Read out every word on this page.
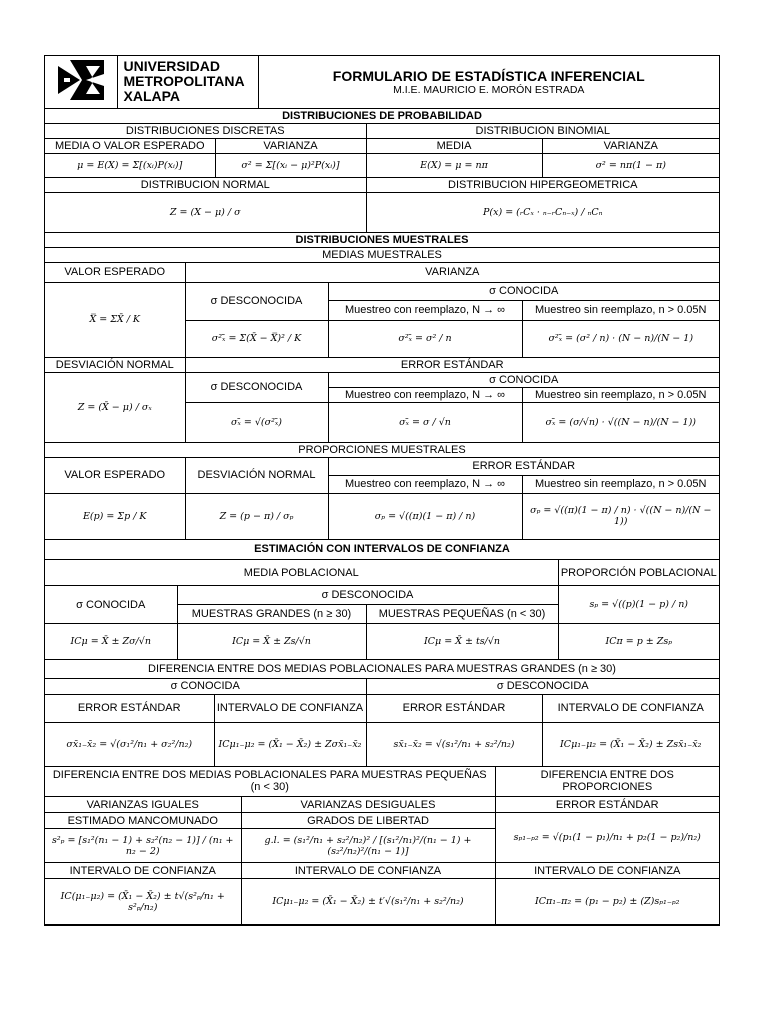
UNIVERSIDAD
METROPOLITANA
XALAPA

FORMULARIO DE ESTADÍSTICA INFERENCIAL
M.I.E. MAURICIO E. MORÓN ESTRADA
DISTRIBUCIONES DE PROBABILIDAD			
DISTRIBUCIONES DISCRETAS		DISTRIBUCION BINOMIAL	
MEDIA O VALOR ESPERADO	VARIANZA	MEDIA	VARIANZA
μ = E(X) = Σ[(xᵢ)P(xᵢ)]	σ² = Σ[(xᵢ − μ)²P(xᵢ)]	E(X) = μ = nπ	σ² = nπ(1 − π)
DISTRIBUCION NORMAL		DISTRIBUCION HIPERGEOMETRICA	
Z = (X − μ) / σ		P(x) = (ᵣCₓ · ₙ₋ᵣCₙ₋ₓ) / ₙCₙ	
DISTRIBUCIONES MUESTRALES			
MEDIAS MUESTRALES			
VALOR ESPERADO	VARIANZA		
X̿ = ΣX̄ / K	σ DESCONOCIDA	σ CONOCIDA	
		Muestreo con reemplazo, N → ∞	Muestreo sin reemplazo, n > 0.05N
	σ²ₓ̄ = Σ(X̄ − X̿)² / K	σ²ₓ̄ = σ² / n	σ²ₓ̄ = (σ² / n) · (N − n)/(N − 1)
DESVIACIÓN NORMAL	ERROR ESTÁNDAR		
Z = (X̄ − μ) / σₓ	σ DESCONOCIDA	σ CONOCIDA	
		Muestreo con reemplazo, N → ∞	Muestreo sin reemplazo, n > 0.05N
	σₓ̄ = √(σ²ₓ̄)	σₓ̄ = σ / √n	σₓ̄ = (σ/√n) · √((N − n)/(N − 1))
PROPORCIONES MUESTRALES			
VALOR ESPERADO	DESVIACIÓN NORMAL	ERROR ESTÁNDAR	
		Muestreo con reemplazo, N → ∞	Muestreo sin reemplazo, n > 0.05N
E(p) = Σp / K	Z = (p − π) / σₚ	σₚ = √((π)(1 − π) / n)	σₚ = √((π)(1 − π) / n) · √((N − n)/(N − 1))
ESTIMACIÓN CON INTERVALOS DE CONFIANZA			
MEDIA POBLACIONAL			PROPORCIÓN POBLACIONAL
σ CONOCIDA	σ DESCONOCIDA		sₚ = √((p)(1 − p) / n)
	MUESTRAS GRANDES (n ≥ 30)	MUESTRAS PEQUEÑAS (n < 30)	
ICμ = X̄ ± Zσ/√n	ICμ = X̄ ± Zs/√n	ICμ = X̄ ± ts/√n	ICπ = p ± Zsₚ
DIFERENCIA ENTRE DOS MEDIAS POBLACIONALES PARA MUESTRAS GRANDES (n ≥ 30)			
σ CONOCIDA		σ DESCONOCIDA	
ERROR ESTÁNDAR	INTERVALO DE CONFIANZA	ERROR ESTÁNDAR	INTERVALO DE CONFIANZA
σx̄₁₋x̄₂ = √(σ₁²/n₁ + σ₂²/n₂)	ICμ₁₋μ₂ = (X̄₁ − X̄₂) ± Zσx̄₁₋x̄₂	sx̄₁₋x̄₂ = √(s₁²/n₁ + s₂²/n₂)	ICμ₁₋μ₂ = (X̄₁ − X̄₂) ± Zsx̄₁₋x̄₂
DIFERENCIA ENTRE DOS MEDIAS POBLACIONALES PARA MUESTRAS PEQUEÑAS (n < 30)		DIFERENCIA ENTRE DOS PROPORCIONES
VARIANZAS IGUALES	VARIANZAS DESIGUALES	ERROR ESTÁNDAR
ESTIMADO MANCOMUNADO	GRADOS DE LIBERTAD	sₚ₁₋ₚ₂ = √(p₁(1 − p₁)/n₁ + p₂(1 − p₂)/n₂)
s²ₚ = [s₁²(n₁ − 1) + s₂²(n₂ − 1)] / (n₁ + n₂ − 2)	g.l. = (s₁²/n₁ + s₂²/n₂)² / [(s₁²/n₁)²/(n₁ − 1) + (s₂²/n₂)²/(n₁ − 1)]	
INTERVALO DE CONFIANZA	INTERVALO DE CONFIANZA	INTERVALO DE CONFIANZA
IC(μ₁₋μ₂) = (X̄₁ − X̄₂) ± t√(s²ₚ/n₁ + s²ₚ/n₂)	ICμ₁₋μ₂ = (X̄₁ − X̄₂) ± t′√(s₁²/n₁ + s₂²/n₂)	ICπ₁₋π₂ = (p₁ − p₂) ± (Z)sₚ₁₋ₚ₂
